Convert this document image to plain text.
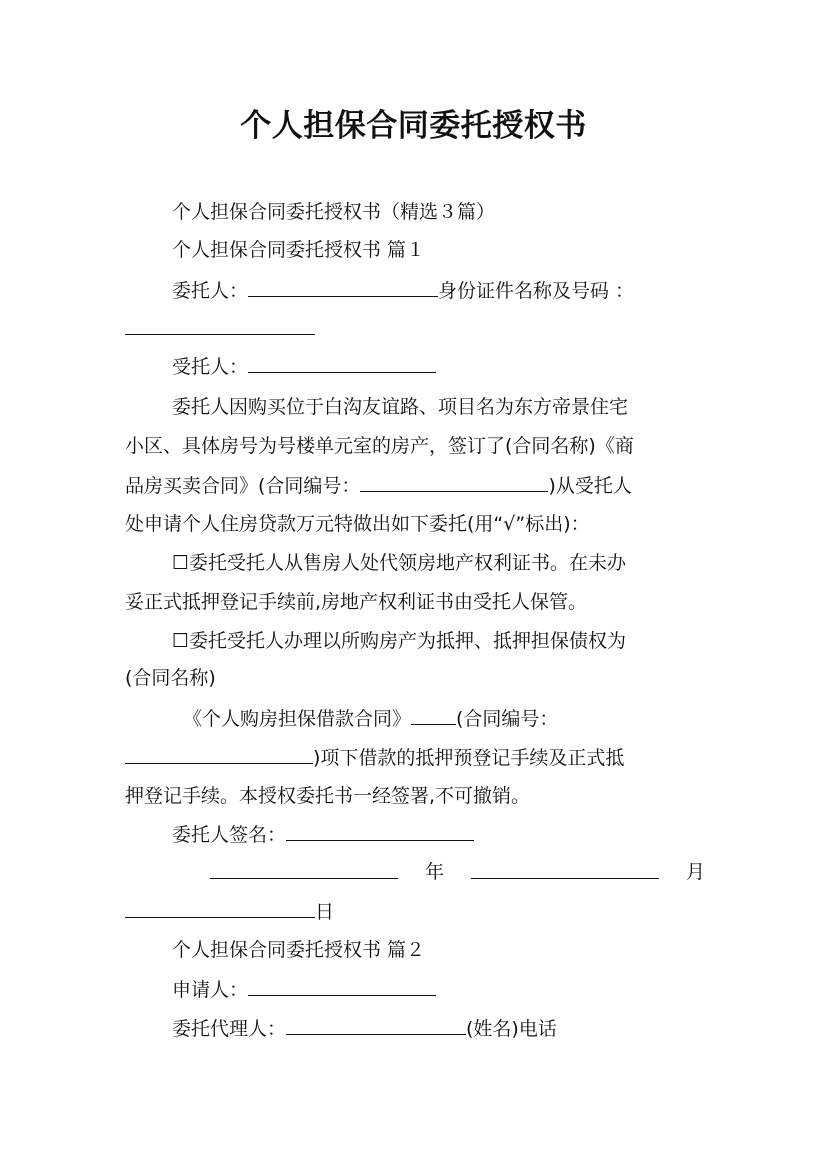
个人担保合同委托授权书
个人担保合同委托授权书（精选３篇）
个人担保合同委托授权书 篇１
委托人：	身份证件名称及号码 ：
受托人：
委托人因购买位于白沟友谊路、项目名为东方帝景住宅
小区、具体房号为号楼单元室的房产，签订了(合同名称)《商
品房买卖合同》(合同编号：	)从受托人
处申请个人住房贷款万元特做出如下委托(用“√”标出)：
☐委托受托人从售房人处代领房地产权利证书。在未办
妥正式抵押登记手续前,房地产权利证书由受托人保管。
☐委托受托人办理以所购房产为抵押、抵押担保债权为
(合同名称)
《个人购房担保借款合同》 (合同编号：
)项下借款的抵押预登记手续及正式抵
押登记手续。本授权委托书一经签署,不可撤销。
委托人签名：
年	月
日
个人担保合同委托授权书 篇２
申请人：
委托代理人：	(姓名)电话
